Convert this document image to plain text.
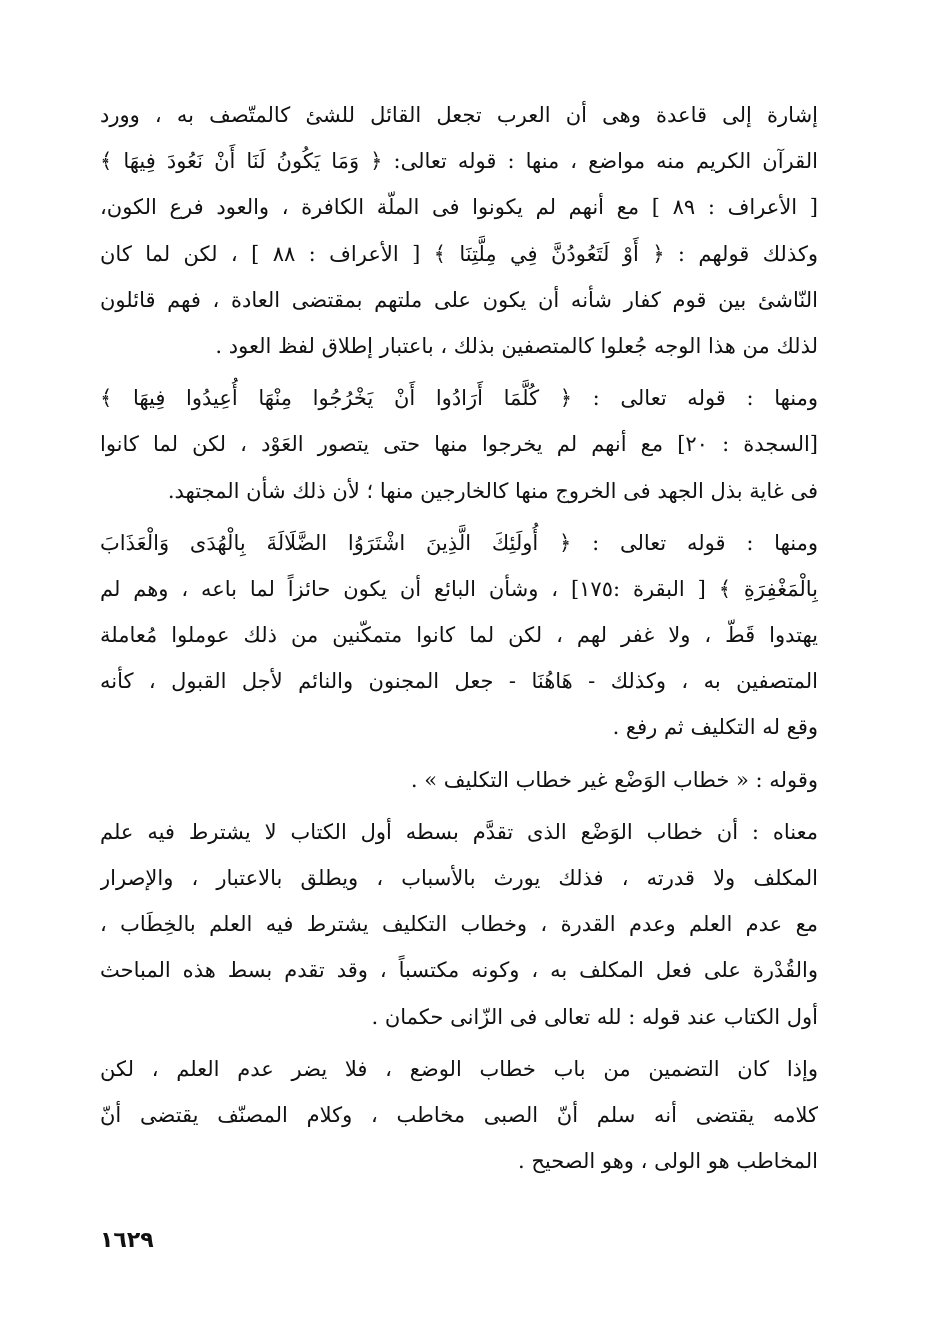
إشارة إلى قاعدة وهى أن العرب تجعل القائل للشئ كالمتّصف به ، وورد
القرآن الكريم منه مواضع ، منها : قوله تعالى: ﴿ وَمَا يَكُونُ لَنَا أَنْ نَعُودَ فِيهَا ﴾
[ الأعراف : ٨٩ ] مع أنهم لم يكونوا فى الملّة الكافرة ، والعود فرع الكون،
وكذلك قولهم : ﴿ أَوْ لَتَعُودُنَّ فِي مِلَّتِنَا ﴾ [ الأعراف : ٨٨ ] ، لكن لما كان
النّاشئ بين قوم كفار شأنه أن يكون على ملتهم بمقتضى العادة ، فهم قائلون
لذلك من هذا الوجه جُعلوا كالمتصفين بذلك ، باعتبار إطلاق لفظ العود .
ومنها : قوله تعالى : ﴿ كُلَّمَا أَرَادُوا أَنْ يَخْرُجُوا مِنْهَا أُعِيدُوا فِيهَا ﴾
[السجدة : ٢٠] مع أنهم لم يخرجوا منها حتى يتصور العَوْد ، لكن لما كانوا
فى غاية بذل الجهد فى الخروج منها كالخارجين منها ؛ لأن ذلك شأن المجتهد.
ومنها : قوله تعالى : ﴿ أُولَئِكَ الَّذِينَ اشْتَرَوُا الضَّلَالَةَ بِالْهُدَى وَالْعَذَابَ
بِالْمَغْفِرَةِ ﴾ [ البقرة :١٧٥] ، وشأن البائع أن يكون حائزاً لما باعه ، وهم لم
يهتدوا قَطّ ، ولا غفر لهم ، لكن لما كانوا متمكّنين من ذلك عوملوا مُعاملة
المتصفين به ، وكذلك - هَاهُنَا - جعل المجنون والنائم لأجل القبول ، كأنه
وقع له التكليف ثم رفع .
وقوله : « خطاب الوَضْع غير خطاب التكليف » .
معناه : أن خطاب الوَضْع الذى تقدَّم بسطه أول الكتاب لا يشترط فيه علم
المكلف ولا قدرته ، فذلك يورث بالأسباب ، ويطلق بالاعتبار ، والإصرار
مع عدم العلم وعدم القدرة ، وخطاب التكليف يشترط فيه العلم بالخِطَاب ،
والقُدْرة على فعل المكلف به ، وكونه مكتسباً ، وقد تقدم بسط هذه المباحث
أول الكتاب عند قوله : لله تعالى فى الزّانى حكمان .
وإذا كان التضمين من باب خطاب الوضع ، فلا يضر عدم العلم ، لكن
كلامه يقتضى أنه سلم أنّ الصبى مخاطب ، وكلام المصنّف يقتضى أنّ
المخاطب هو الولى ، وهو الصحيح .
١٦٢٩
